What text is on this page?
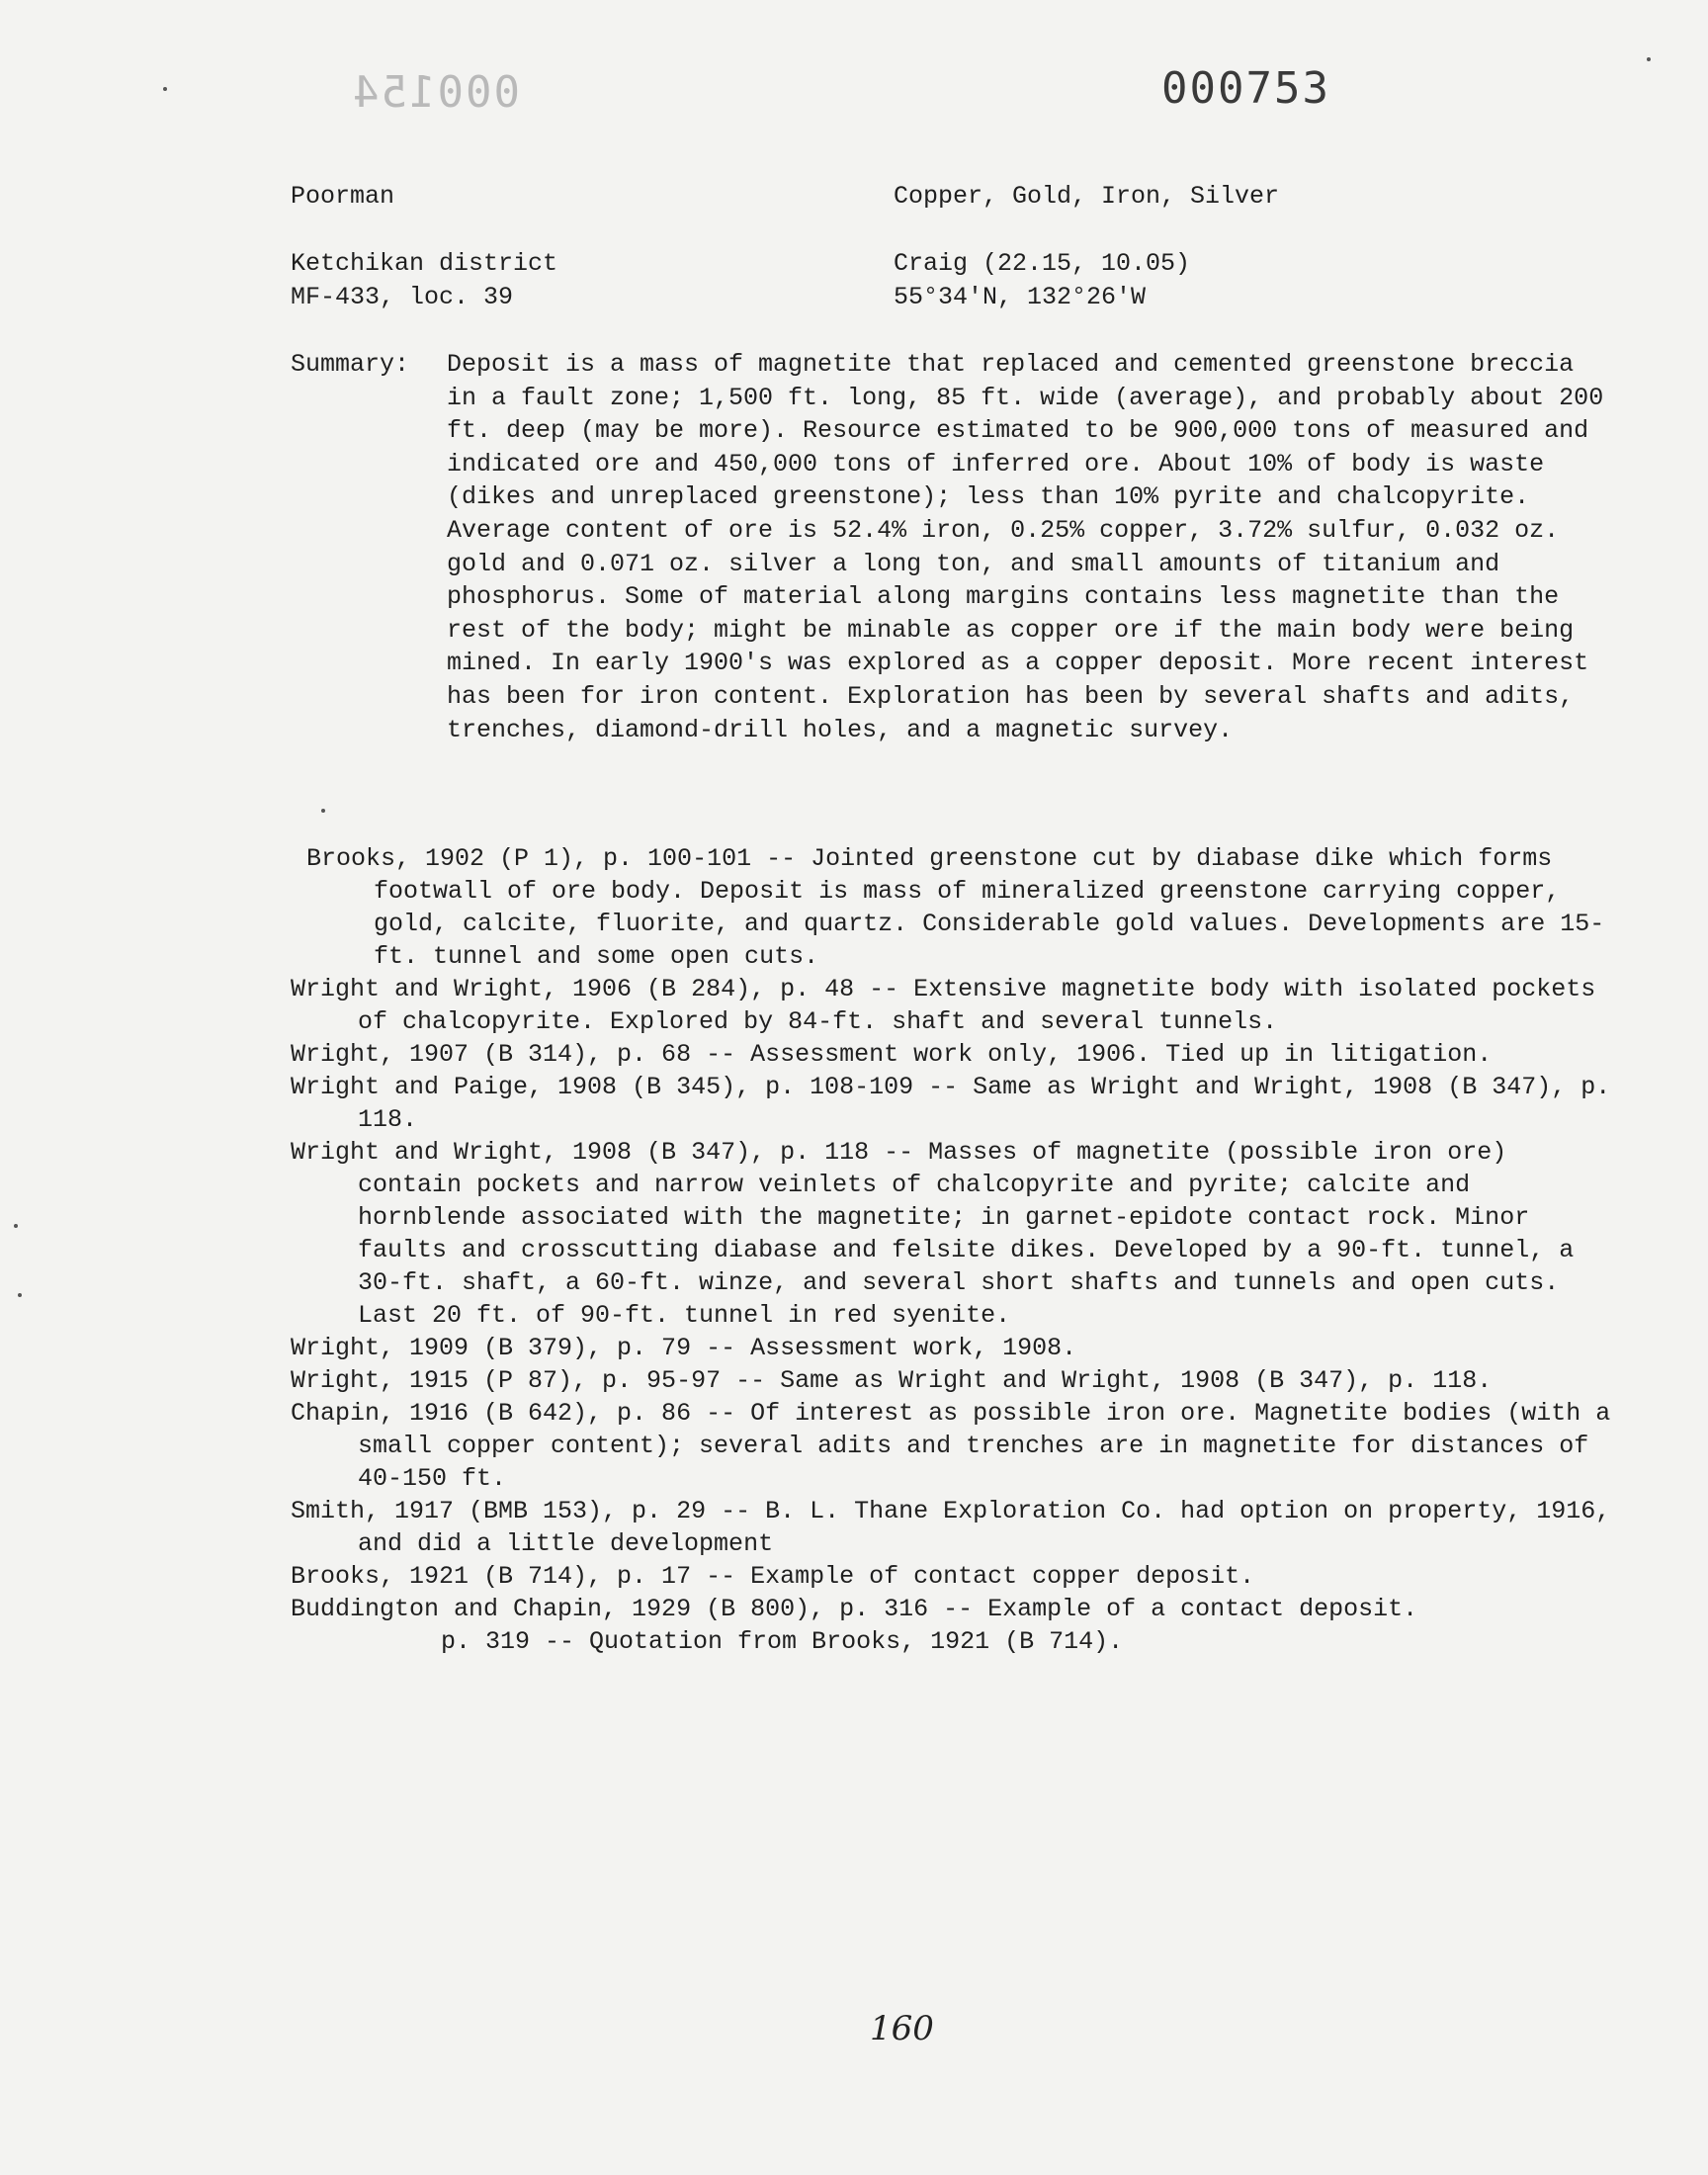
000154	000753
Poorman	Copper, Gold, Iron, Silver
Ketchikan district	Craig (22.15, 10.05)
MF-433, loc. 39	55°34'N, 132°26'W
Summary: Deposit is a mass of magnetite that replaced and cemented greenstone breccia in a fault zone; 1,500 ft. long, 85 ft. wide (average), and probably about 200 ft. deep (may be more). Resource estimated to be 900,000 tons of measured and indicated ore and 450,000 tons of inferred ore. About 10% of body is waste (dikes and unreplaced greenstone); less than 10% pyrite and chalcopyrite. Average content of ore is 52.4% iron, 0.25% copper, 3.72% sulfur, 0.032 oz. gold and 0.071 oz. silver a long ton, and small amounts of titanium and phosphorus. Some of material along margins contains less magnetite than the rest of the body; might be minable as copper ore if the main body were being mined. In early 1900's was explored as a copper deposit. More recent interest has been for iron content. Exploration has been by several shafts and adits, trenches, diamond-drill holes, and a magnetic survey.
Brooks, 1902 (P 1), p. 100-101 -- Jointed greenstone cut by diabase dike which forms footwall of ore body. Deposit is mass of mineralized greenstone carrying copper, gold, calcite, fluorite, and quartz. Considerable gold values. Developments are 15-ft. tunnel and some open cuts.
Wright and Wright, 1906 (B 284), p. 48 -- Extensive magnetite body with isolated pockets of chalcopyrite. Explored by 84-ft. shaft and several tunnels.
Wright, 1907 (B 314), p. 68 -- Assessment work only, 1906. Tied up in litigation.
Wright and Paige, 1908 (B 345), p. 108-109 -- Same as Wright and Wright, 1908 (B 347), p. 118.
Wright and Wright, 1908 (B 347), p. 118 -- Masses of magnetite (possible iron ore) contain pockets and narrow veinlets of chalcopyrite and pyrite; calcite and hornblende associated with the magnetite; in garnet-epidote contact rock. Minor faults and crosscutting diabase and felsite dikes. Developed by a 90-ft. tunnel, a 30-ft. shaft, a 60-ft. winze, and several short shafts and tunnels and open cuts. Last 20 ft. of 90-ft. tunnel in red syenite.
Wright, 1909 (B 379), p. 79 -- Assessment work, 1908.
Wright, 1915 (P 87), p. 95-97 -- Same as Wright and Wright, 1908 (B 347), p. 118.
Chapin, 1916 (B 642), p. 86 -- Of interest as possible iron ore. Magnetite bodies (with a small copper content); several adits and trenches are in magnetite for distances of 40-150 ft.
Smith, 1917 (BMB 153), p. 29 -- B. L. Thane Exploration Co. had option on property, 1916, and did a little development
Brooks, 1921 (B 714), p. 17 -- Example of contact copper deposit.
Buddington and Chapin, 1929 (B 800), p. 316 -- Example of a contact deposit.
p. 319 -- Quotation from Brooks, 1921 (B 714).
160
